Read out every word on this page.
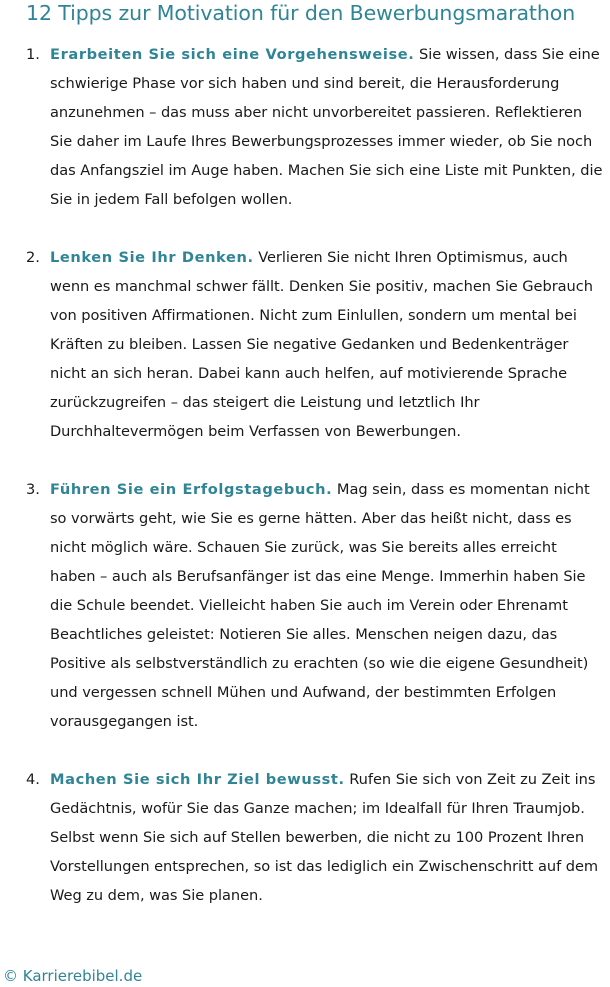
12 Tipps zur Motivation für den Bewerbungsmarathon
1. Erarbeiten Sie sich eine Vorgehensweise. Sie wissen, dass Sie eine schwierige Phase vor sich haben und sind bereit, die Herausforderung anzunehmen – das muss aber nicht unvorbereitet passieren. Reflektieren Sie daher im Laufe Ihres Bewerbungsprozesses immer wieder, ob Sie noch das Anfangsziel im Auge haben. Machen Sie sich eine Liste mit Punkten, die Sie in jedem Fall befolgen wollen.
2. Lenken Sie Ihr Denken. Verlieren Sie nicht Ihren Optimismus, auch wenn es manchmal schwer fällt. Denken Sie positiv, machen Sie Gebrauch von positiven Affirmationen. Nicht zum Einlullen, sondern um mental bei Kräften zu bleiben. Lassen Sie negative Gedanken und Bedenkenträger nicht an sich heran. Dabei kann auch helfen, auf motivierende Sprache zurückzugreifen – das steigert die Leistung und letztlich Ihr Durchhaltevermögen beim Verfassen von Bewerbungen.
3. Führen Sie ein Erfolgstagebuch. Mag sein, dass es momentan nicht so vorwärts geht, wie Sie es gerne hätten. Aber das heißt nicht, dass es nicht möglich wäre. Schauen Sie zurück, was Sie bereits alles erreicht haben – auch als Berufsanfänger ist das eine Menge. Immerhin haben Sie die Schule beendet. Vielleicht haben Sie auch im Verein oder Ehrenamt Beachtliches geleistet: Notieren Sie alles. Menschen neigen dazu, das Positive als selbstverständlich zu erachten (so wie die eigene Gesundheit) und vergessen schnell Mühen und Aufwand, der bestimmten Erfolgen vorausgegangen ist.
4. Machen Sie sich Ihr Ziel bewusst. Rufen Sie sich von Zeit zu Zeit ins Gedächtnis, wofür Sie das Ganze machen; im Idealfall für Ihren Traumjob. Selbst wenn Sie sich auf Stellen bewerben, die nicht zu 100 Prozent Ihren Vorstellungen entsprechen, so ist das lediglich ein Zwischenschritt auf dem Weg zu dem, was Sie planen.
© Karrierebibel.de
